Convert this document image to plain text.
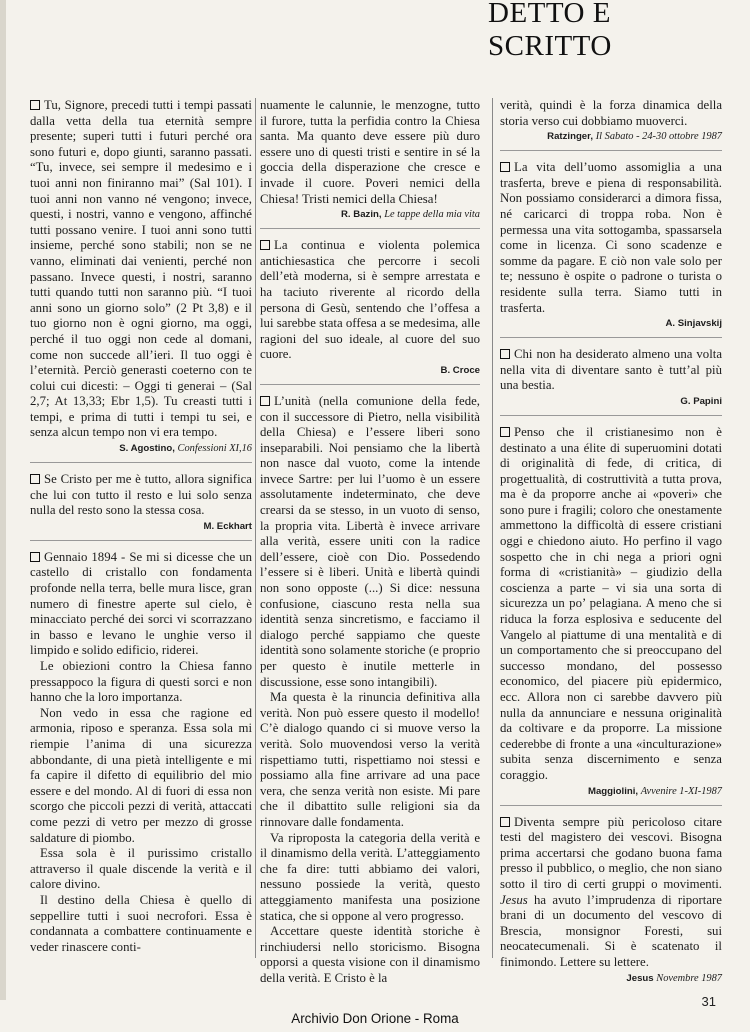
DETTO E SCRITTO

Tu, Signore, precedi tutti i tempi passati dalla vetta della tua eternità sempre presente; superi tutti i futuri perché ora sono futuri e, dopo giunti, saranno passati. “Tu, invece, sei sempre il medesimo e i tuoi anni non finiranno mai” (Sal 101). I tuoi anni non vanno né vengono; invece, questi, i nostri, vanno e vengono, affinché tutti possano venire. I tuoi anni sono tutti insieme, perché sono stabili; non se ne vanno, eliminati dai venienti, perché non passano. Invece questi, i nostri, saranno tutti quando tutti non saranno più. “I tuoi anni sono un giorno solo” (2 Pt 3,8) e il tuo giorno non è ogni giorno, ma oggi, perché il tuo oggi non cede al domani, come non succede all’ieri. Il tuo oggi è l’eternità. Perciò generasti coeterno con te colui cui dicesti: – Oggi ti generai – (Sal 2,7; At 13,33; Ebr 1,5). Tu creasti tutti i tempi, e prima di tutti i tempi tu sei, e senza alcun tempo non vi era tempo.

S. Agostino, Confessioni XI,16

Se Cristo per me è tutto, allora significa che lui con tutto il resto e lui solo senza nulla del resto sono la stessa cosa.

M. Eckhart

Gennaio 1894 - Se mi si dicesse che un castello di cristallo con fondamenta profonde nella terra, belle mura lisce, gran numero di finestre aperte sul cielo, è minacciato perché dei sorci vi scorrazzano in basso e levano le unghie verso il limpido e solido edificio, riderei.

Le obiezioni contro la Chiesa fanno pressappoco la figura di questi sorci e non hanno che la loro importanza.

Non vedo in essa che ragione ed armonia, riposo e speranza. Essa sola mi riempie l’anima di una sicurezza abbondante, di una pietà intelligente e mi fa capire il difetto di equilibrio del mio essere e del mondo. Al di fuori di essa non scorgo che piccoli pezzi di verità, attaccati come pezzi di vetro per mezzo di grosse saldature di piombo.

Essa sola è il purissimo cristallo attraverso il quale discende la verità e il calore divino.

Il destino della Chiesa è quello di seppellire tutti i suoi necrofori. Essa è condannata a combattere continuamente e veder rinascere conti-

nuamente le calunnie, le menzogne, tutto il furore, tutta la perfidia contro la Chiesa santa. Ma quanto deve essere più duro essere uno di questi tristi e sentire in sé la goccia della disperazione che cresce e invade il cuore. Poveri nemici della Chiesa! Tristi nemici della Chiesa!

R. Bazin, Le tappe della mia vita

La continua e violenta polemica antichiesastica che percorre i secoli dell’età moderna, si è sempre arrestata e ha taciuto riverente al ricordo della persona di Gesù, sentendo che l’offesa a lui sarebbe stata offesa a se medesima, alle ragioni del suo ideale, al cuore del suo cuore.

B. Croce

L’unità (nella comunione della fede, con il successore di Pietro, nella visibilità della Chiesa) e l’essere liberi sono inseparabili. Noi pensiamo che la libertà non nasce dal vuoto, come la intende invece Sartre: per lui l’uomo è un essere assolutamente indeterminato, che deve crearsi da se stesso, in un vuoto di senso, la propria vita. Libertà è invece arrivare alla verità, essere uniti con la radice dell’essere, cioè con Dio. Possedendo l’essere si è liberi. Unità e libertà quindi non sono opposte (...) Si dice: nessuna confusione, ciascuno resta nella sua identità senza sincretismo, e facciamo il dialogo perché sappiamo che queste identità sono solamente storiche (e proprio per questo è inutile metterle in discussione, esse sono intangibili).

Ma questa è la rinuncia definitiva alla verità. Non può essere questo il modello! C’è dialogo quando ci si muove verso la verità. Solo muovendosi verso la verità rispettiamo tutti, rispettiamo noi stessi e possiamo alla fine arrivare ad una pace vera, che senza verità non esiste. Mi pare che il dibattito sulle religioni sia da rinnovare dalle fondamenta.

Va riproposta la categoria della verità e il dinamismo della verità. L’atteggiamento che fa dire: tutti abbiamo dei valori, nessuno possiede la verità, questo atteggiamento manifesta una posizione statica, che si oppone al vero progresso.

Accettare queste identità storiche è rinchiudersi nello storicismo. Bisogna opporsi a questa visione con il dinamismo della verità. E Cristo è la

verità, quindi è la forza dinamica della storia verso cui dobbiamo muoverci.

Ratzinger, Il Sabato - 24-30 ottobre 1987

La vita dell’uomo assomiglia a una trasferta, breve e piena di responsabilità. Non possiamo considerarci a dimora fissa, né caricarci di troppa roba. Non è permessa una vita sottogamba, spassarsela come in licenza. Ci sono scadenze e somme da pagare. E ciò non vale solo per te; nessuno è ospite o padrone o turista o residente sulla terra. Siamo tutti in trasferta.

A. Sinjavskij

Chi non ha desiderato almeno una volta nella vita di diventare santo è tutt’al più una bestia.

G. Papini

Penso che il cristianesimo non è destinato a una élite di superuomini dotati di originalità di fede, di critica, di progettualità, di costruttività a tutta prova, ma è da proporre anche ai «poveri» che sono pure i fragili; coloro che onestamente ammettono la difficoltà di essere cristiani oggi e chiedono aiuto. Ho perfino il vago sospetto che in chi nega a priori ogni forma di «cristianità» – giudizio della coscienza a parte – vi sia una sorta di sicurezza un po’ pelagiana. A meno che si riduca la forza esplosiva e seducente del Vangelo al piattume di una mentalità e di un comportamento che si preoccupano del successo mondano, del possesso economico, del piacere più epidermico, ecc. Allora non ci sarebbe davvero più nulla da annunciare e nessuna originalità da coltivare e da proporre. La missione cederebbe di fronte a una «inculturazione» subita senza discernimento e senza coraggio.

Maggiolini, Avvenire 1-XI-1987

Diventa sempre più pericoloso citare testi del magistero dei vescovi. Bisogna prima accertarsi che godano buona fama presso il pubblico, o meglio, che non siano sotto il tiro di certi gruppi o movimenti. Jesus ha avuto l’imprudenza di riportare brani di un documento del vescovo di Brescia, monsignor Foresti, sui neocatecumenali. Si è scatenato il finimondo. Lettere su lettere.

Jesus Novembre 1987

31
Archivio Don Orione - Roma
